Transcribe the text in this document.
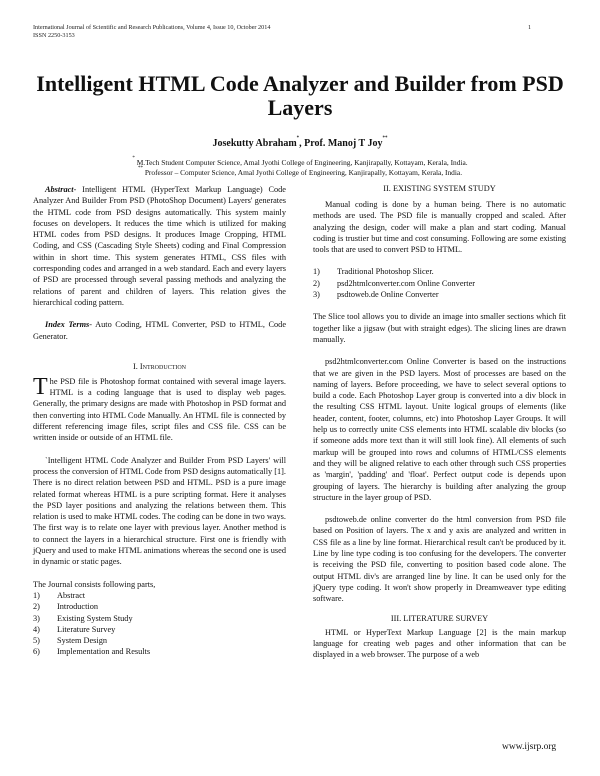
International Journal of Scientific and Research Publications, Volume 4, Issue 10, October 2014
ISSN 2250-3153
1
Intelligent HTML Code Analyzer and Builder from PSD Layers
Josekutty Abraham*, Prof. Manoj T Joy**
* M.Tech Student Computer Science, Amal Jyothi College of Engineering, Kanjirapally, Kottayam, Kerala, India.
** Professor – Computer Science, Amal Jyothi College of Engineering, Kanjirapally, Kottayam, Kerala, India.

Abstract- Intelligent HTML (HyperText Markup Language) Code Analyzer And Builder From PSD (PhotoShop Document) Layers' generates the HTML code from PSD designs automatically. This system mainly focuses on developers. It reduces the time which is utilized for making HTML codes from PSD designs. It produces Image Cropping, HTML Coding, and CSS (Cascading Style Sheets) coding and Final Compression within in short time. This system generates HTML, CSS files with corresponding codes and arranged in a web standard. Each and every layers of PSD are processed through several passing methods and analyzing the relations of parent and children of layers. This relation gives the hierarchical coding pattern.

Index Terms- Auto Coding, HTML Converter, PSD to HTML, Code Generator.

I. Introduction

The PSD file is Photoshop format contained with several image layers. HTML is a coding language that is used to display web pages. Generally, the primary designs are made with Photoshop in PSD format and then converting into HTML Code Manually. An HTML file is connected by different referencing image files, script files and CSS file. CSS can be written inside or outside of an HTML file.

`Intelligent HTML Code Analyzer and Builder From PSD Layers' will process the conversion of HTML Code from PSD designs automatically [1]. There is no direct relation between PSD and HTML. PSD is a pure image related format whereas HTML is a pure scripting format. Here it analyses the PSD layer positions and analyzing the relations between them. This relation is used to make HTML codes. The coding can be done in two ways. The first way is to relate one layer with previous layer. Another method is to connect the layers in a hierarchical structure. First one is friendly with jQuery and used to make HTML animations whereas the second one is used in dynamic or static pages.

The Journal consists following parts,

1)	Abstract
2)	Introduction
3)	Existing System Study
4)	Literature Survey
5)	System Design
6)	Implementation and Results
II. EXISTING SYSTEM STUDY

Manual coding is done by a human being. There is no automatic methods are used. The PSD file is manually cropped and scaled. After analyzing the design, coder will make a plan and start coding. Manual coding is trustier but time and cost consuming. Following are some existing tools that are used to convert PSD to HTML.

1)	Traditional Photoshop Slicer.
2)	psd2htmlconverter.com Online Converter
3)	psdtoweb.de Online Converter

The Slice tool allows you to divide an image into smaller sections which fit together like a jigsaw (but with straight edges). The slicing lines are drawn manually.

psd2htmlconverter.com Online Converter is based on the instructions that we are given in the PSD layers. Most of processes are based on the naming of layers. Before proceeding, we have to select several options to build a code. Each Photoshop Layer group is converted into a div block in the resulting CSS HTML layout. Unite logical groups of elements (like header, content, footer, columns, etc) into Photoshop Layer Groups. It will help us to correctly unite CSS elements into HTML scalable div blocks (so if someone adds more text than it will still look fine). All elements of such markup will be grouped into rows and columns of HTML/CSS elements and they will be aligned relative to each other through such CSS properties as 'margin', 'padding' and 'float'. Perfect output code is depends upon grouping of layers. The hierarchy is building after analyzing the group structure in the layer group of PSD.

psdtoweb.de online converter do the html conversion from PSD file based on Position of layers. The x and y axis are analyzed and written in CSS file as a line by line format. Hierarchical result can't be produced by it. Line by line type coding is too confusing for the developers. The converter is receiving the PSD file, converting to position based code alone. The output HTML div's are arranged line by line. It can be used only for the jQuery type coding. It won't show properly in Dreamweaver type editing software.

III. LITERATURE SURVEY

HTML or HyperText Markup Language [2] is the main markup language for creating web pages and other information that can be displayed in a web browser. The purpose of a web

www.ijsrp.org
